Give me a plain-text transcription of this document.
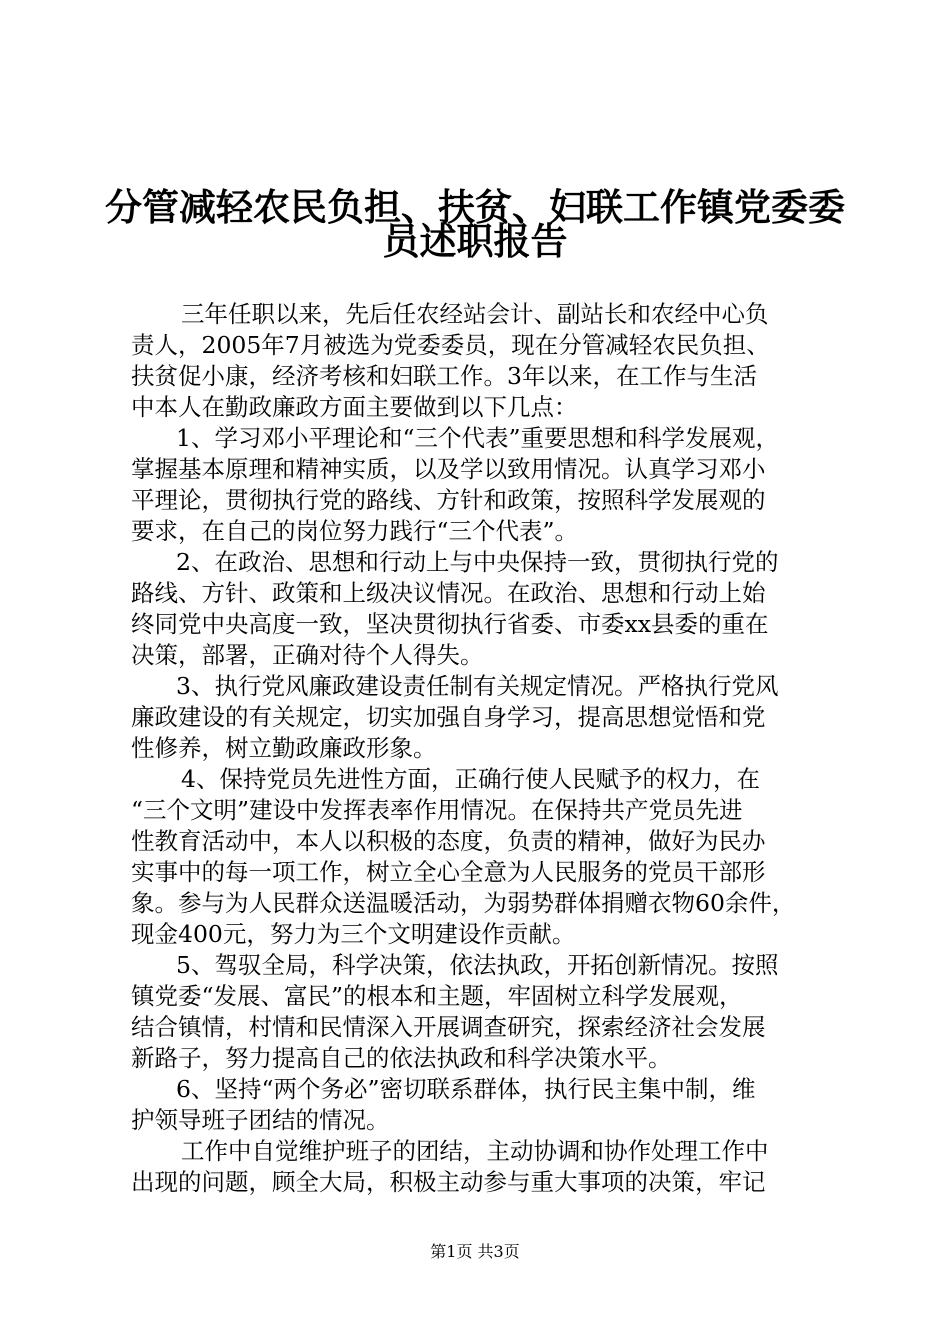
分管减轻农民负担、扶贫、妇联工作镇党委委
员述职报告
三年任职以来，先后任农经站会计、副站长和农经中心负
责人，2005年7月被选为党委委员，现在分管减轻农民负担、
扶贫促小康，经济考核和妇联工作。3年以来，在工作与生活
中本人在勤政廉政方面主要做到以下几点：
1、学习邓小平理论和“三个代表”重要思想和科学发展观，
掌握基本原理和精神实质，以及学以致用情况。认真学习邓小
平理论，贯彻执行党的路线、方针和政策，按照科学发展观的
要求，在自己的岗位努力践行“三个代表”。
2、在政治、思想和行动上与中央保持一致，贯彻执行党的
路线、方针、政策和上级决议情况。在政治、思想和行动上始
终同党中央高度一致，坚决贯彻执行省委、市委xx县委的重在
决策，部署，正确对待个人得失。
3、执行党风廉政建设责任制有关规定情况。严格执行党风
廉政建设的有关规定，切实加强自身学习，提高思想觉悟和党
性修养，树立勤政廉政形象。
4、保持党员先进性方面，正确行使人民赋予的权力，在
“三个文明”建设中发挥表率作用情况。在保持共产党员先进
性教育活动中，本人以积极的态度，负责的精神，做好为民办
实事中的每一项工作，树立全心全意为人民服务的党员干部形
象。参与为人民群众送温暖活动，为弱势群体捐赠衣物60余件，
现金400元，努力为三个文明建设作贡献。
5、驾驭全局，科学决策，依法执政，开拓创新情况。按照
镇党委“发展、富民”的根本和主题，牢固树立科学发展观，
结合镇情，村情和民情深入开展调查研究，探索经济社会发展
新路子，努力提高自己的依法执政和科学决策水平。
6、坚持“两个务必”密切联系群体，执行民主集中制，维
护领导班子团结的情况。
工作中自觉维护班子的团结，主动协调和协作处理工作中
出现的问题，顾全大局，积极主动参与重大事项的决策，牢记
第1页 共3页
